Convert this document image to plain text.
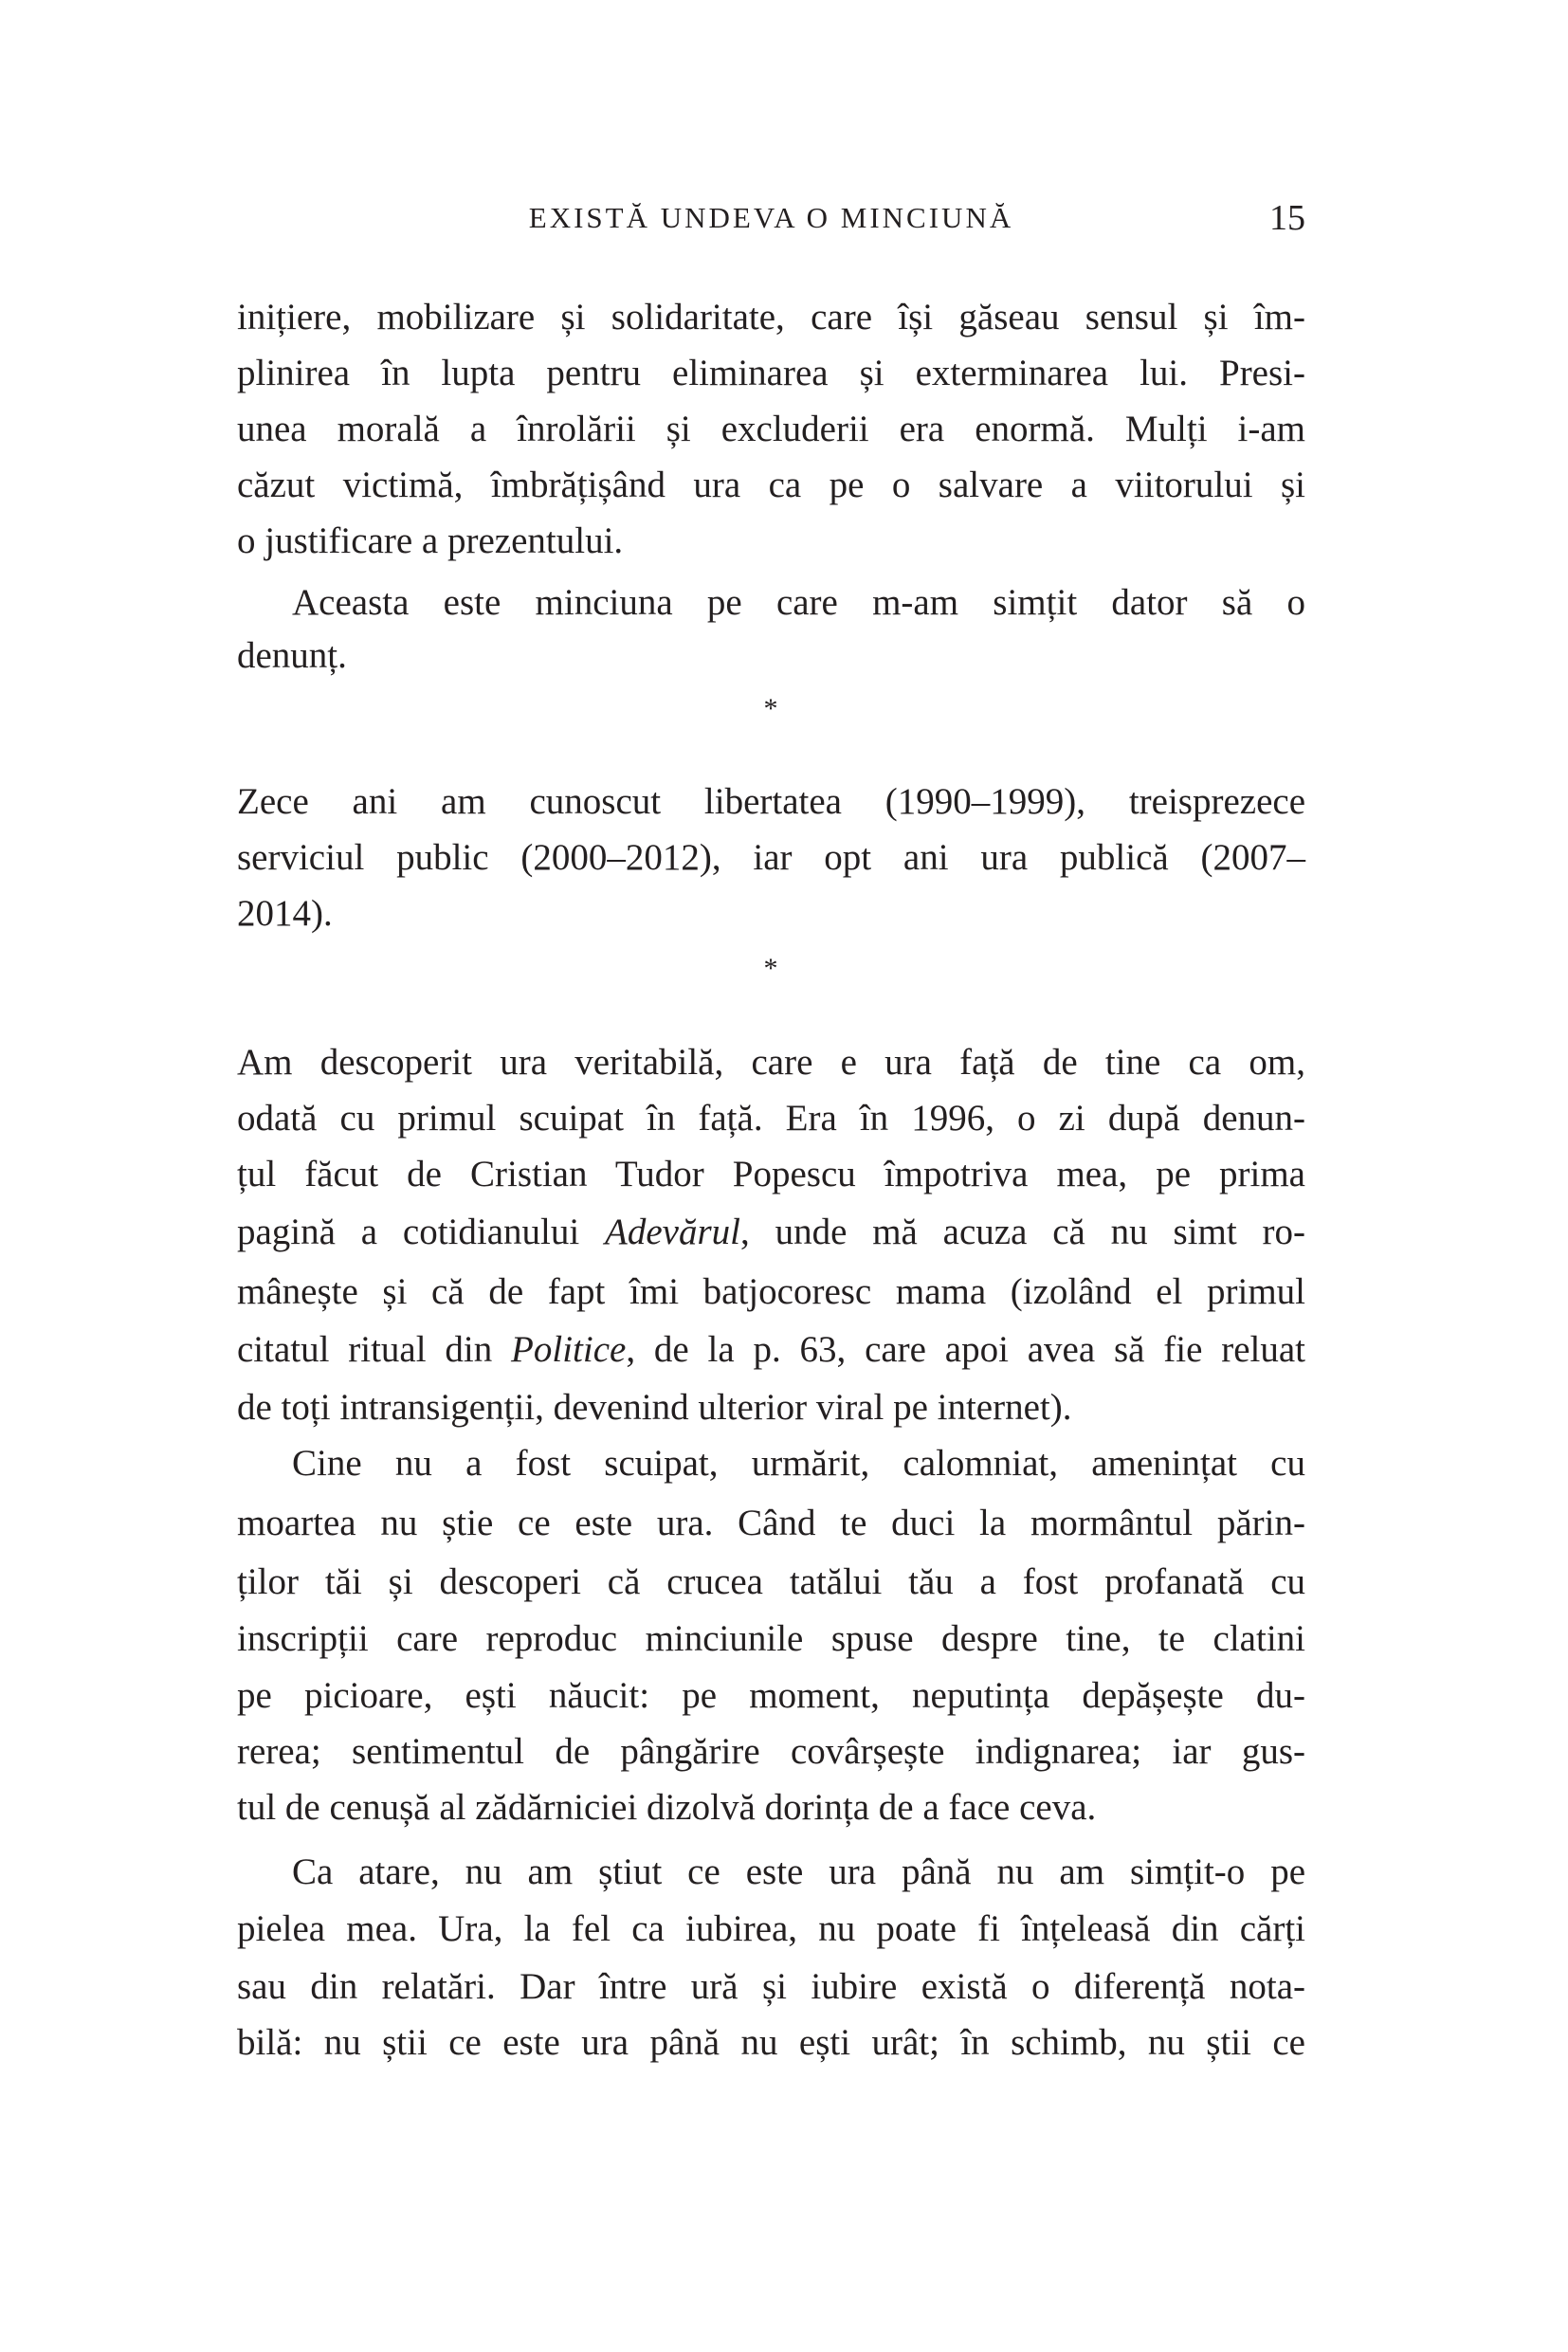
EXISTĂ UNDEVA O MINCIUNĂ	15
*
*
inițiere, mobilizare și solidaritate, care își găseau sensul și îm-
plinirea în lupta pentru eliminarea și exterminarea lui. Presi-
unea morală a înrolării și excluderii era enormă. Mulți i-am
căzut victimă, îmbrățișând ura ca pe o salvare a viitorului și
o justificare a prezentului.
Aceasta este minciuna pe care m-am simțit dator să o
denunț.
Zece ani am cunoscut libertatea (1990–1999), treisprezece
serviciul public (2000–2012), iar opt ani ura publică (2007–
2014).
Am descoperit ura veritabilă, care e ura față de tine ca om,
odată cu primul scuipat în față. Era în 1996, o zi după denun-
țul făcut de Cristian Tudor Popescu împotriva mea, pe prima
pagină a cotidianului Adevărul, unde mă acuza că nu simt ro-
mânește și că de fapt îmi batjocoresc mama (izolând el primul
citatul ritual din Politice, de la p. 63, care apoi avea să fie reluat
de toți intransigenții, devenind ulterior viral pe internet).
Cine nu a fost scuipat, urmărit, calomniat, amenințat cu
moartea nu știe ce este ura. Când te duci la mormântul părin-
ților tăi și descoperi că crucea tatălui tău a fost profanată cu
inscripții care reproduc minciunile spuse despre tine, te clatini
pe picioare, ești năucit: pe moment, neputința depășește du-
rerea; sentimentul de pângărire covârșește indignarea; iar gus-
tul de cenușă al zădărniciei dizolvă dorința de a face ceva.
Ca atare, nu am știut ce este ura până nu am simțit-o pe
pielea mea. Ura, la fel ca iubirea, nu poate fi înțeleasă din cărți
sau din relatări. Dar între ură și iubire există o diferență nota-
bilă: nu știi ce este ura până nu ești urât; în schimb, nu știi ce
